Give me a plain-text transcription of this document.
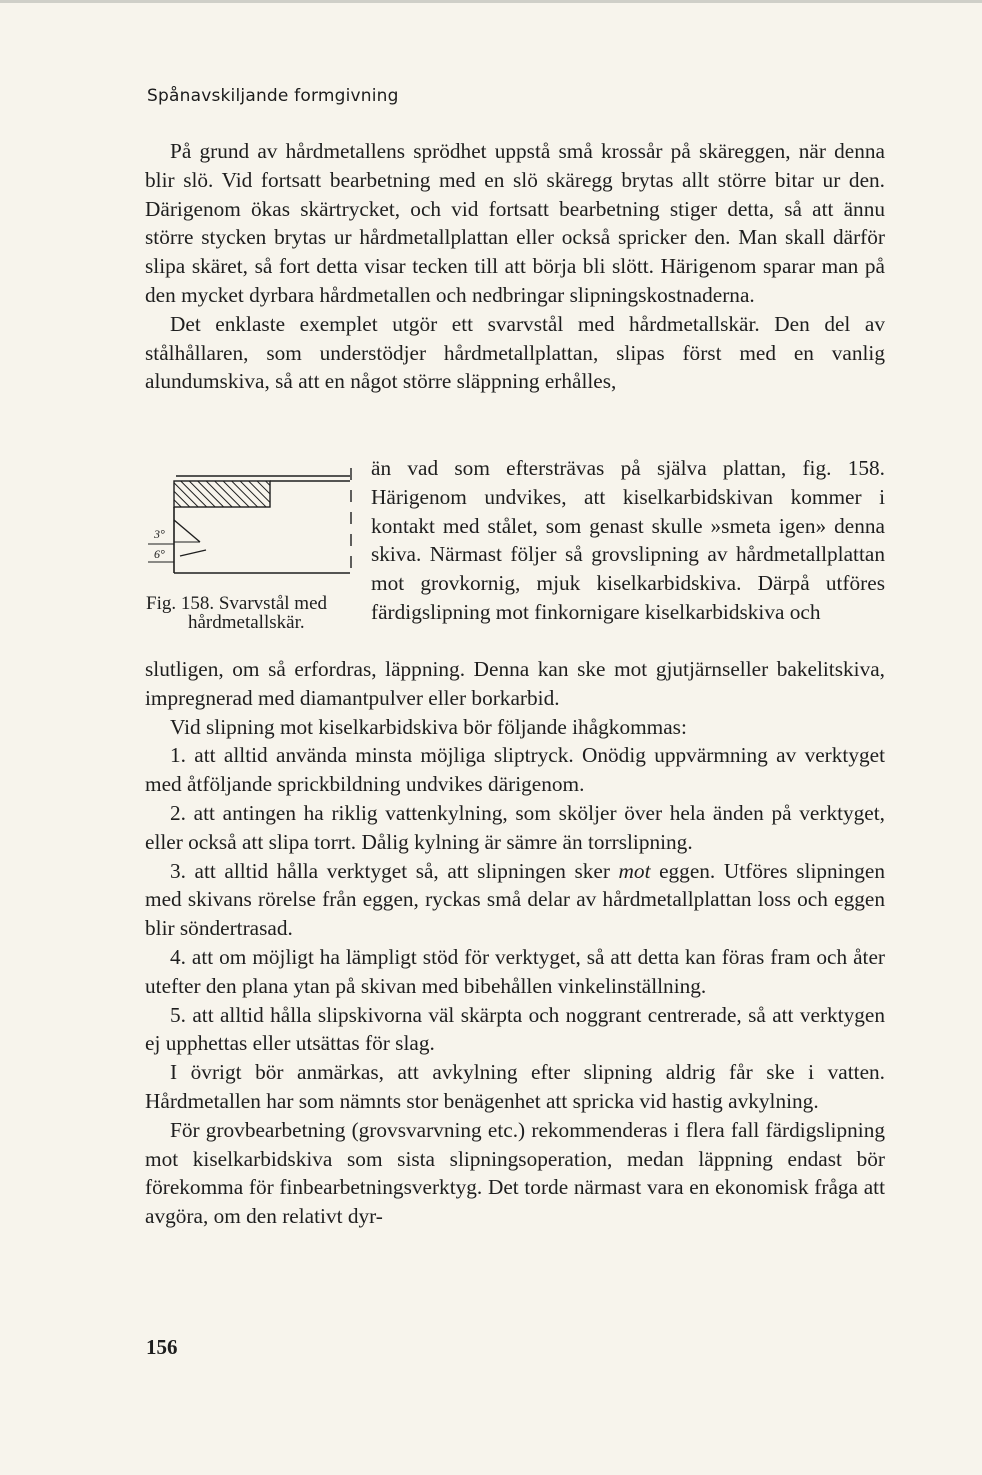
Spånavskiljande formgivning

På grund av hårdmetallens sprödhet uppstå små krossår på skäreggen, när denna blir slö. Vid fortsatt bearbetning med en slö skäregg brytas allt större bitar ur den. Därigenom ökas skärtrycket, och vid fortsatt bearbetning stiger detta, så att ännu större stycken brytas ur hårdmetallplattan eller också spricker den. Man skall därför slipa skäret, så fort detta visar tecken till att börja bli slött. Härigenom sparar man på den mycket dyrbara hårdmetallen och nedbringar slipningskostnaderna.

Det enklaste exemplet utgör ett svarvstål med hårdmetallskär. Den del av stålhållaren, som understödjer hårdmetallplattan, slipas först med en vanlig alundumskiva, så att en något större släppning erhålles,

3°
6°

Fig. 158. Svarvstål med
hårdmetallskär.

än vad som eftersträvas på själva plattan, fig. 158. Härigenom undvikes, att kiselkarbidskivan kommer i kontakt med stålet, som genast skulle »smeta igen» denna skiva. Närmast följer så grovslipning av hårdmetallplattan mot grovkornig, mjuk kiselkarbidskiva. Därpå utföres färdigslipning mot finkornigare kiselkarbidskiva och

slutligen, om så erfordras, läppning. Denna kan ske mot gjutjärnseller bakelitskiva, impregnerad med diamantpulver eller borkarbid.

Vid slipning mot kiselkarbidskiva bör följande ihågkommas:

1. att alltid använda minsta möjliga sliptryck. Onödig uppvärmning av verktyget med åtföljande sprickbildning undvikes därigenom.

2. att antingen ha riklig vattenkylning, som sköljer över hela änden på verktyget, eller också att slipa torrt. Dålig kylning är sämre än torrslipning.

3. att alltid hålla verktyget så, att slipningen sker mot eggen. Utföres slipningen med skivans rörelse från eggen, ryckas små delar av hårdmetallplattan loss och eggen blir söndertrasad.

4. att om möjligt ha lämpligt stöd för verktyget, så att detta kan föras fram och åter utefter den plana ytan på skivan med bibehållen vinkelinställning.

5. att alltid hålla slipskivorna väl skärpta och noggrant centrerade, så att verktygen ej upphettas eller utsättas för slag.

I övrigt bör anmärkas, att avkylning efter slipning aldrig får ske i vatten. Hårdmetallen har som nämnts stor benägenhet att spricka vid hastig avkylning.

För grovbearbetning (grovsvarvning etc.) rekommenderas i flera fall färdigslipning mot kiselkarbidskiva som sista slipningsoperation, medan läppning endast bör förekomma för finbearbetningsverktyg. Det torde närmast vara en ekonomisk fråga att avgöra, om den relativt dyr-

156
